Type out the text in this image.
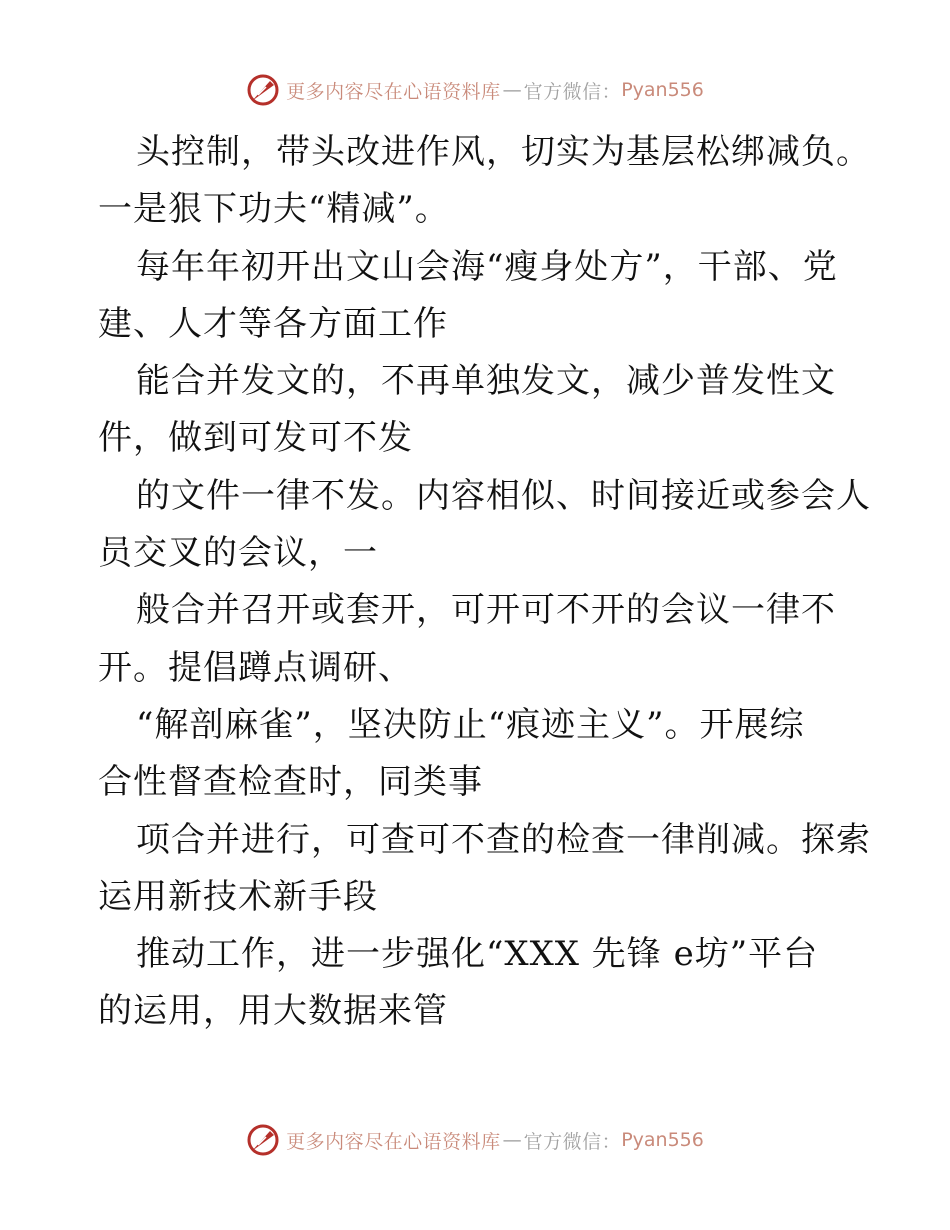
更多内容尽在心语资料库 — 官方微信： Pyan556
头控制，带头改进作风，切实为基层松绑减负。
一是狠下功夫“精减”。
每年年初开出文山会海“瘦身处方”，干部、党
建、人才等各方面工作
能合并发文的，不再单独发文，减少普发性文
件，做到可发可不发
的文件一律不发。内容相似、时间接近或参会人
员交叉的会议，一
般合并召开或套开，可开可不开的会议一律不
开。提倡蹲点调研、
“解剖麻雀”，坚决防止“痕迹主义”。开展综
合性督查检查时，同类事
项合并进行，可查可不查的检查一律削减。探索
运用新技术新手段
推动工作，进一步强化“XXX 先锋 e坊”平台
的运用，用大数据来管
更多内容尽在心语资料库 — 官方微信： Pyan556
